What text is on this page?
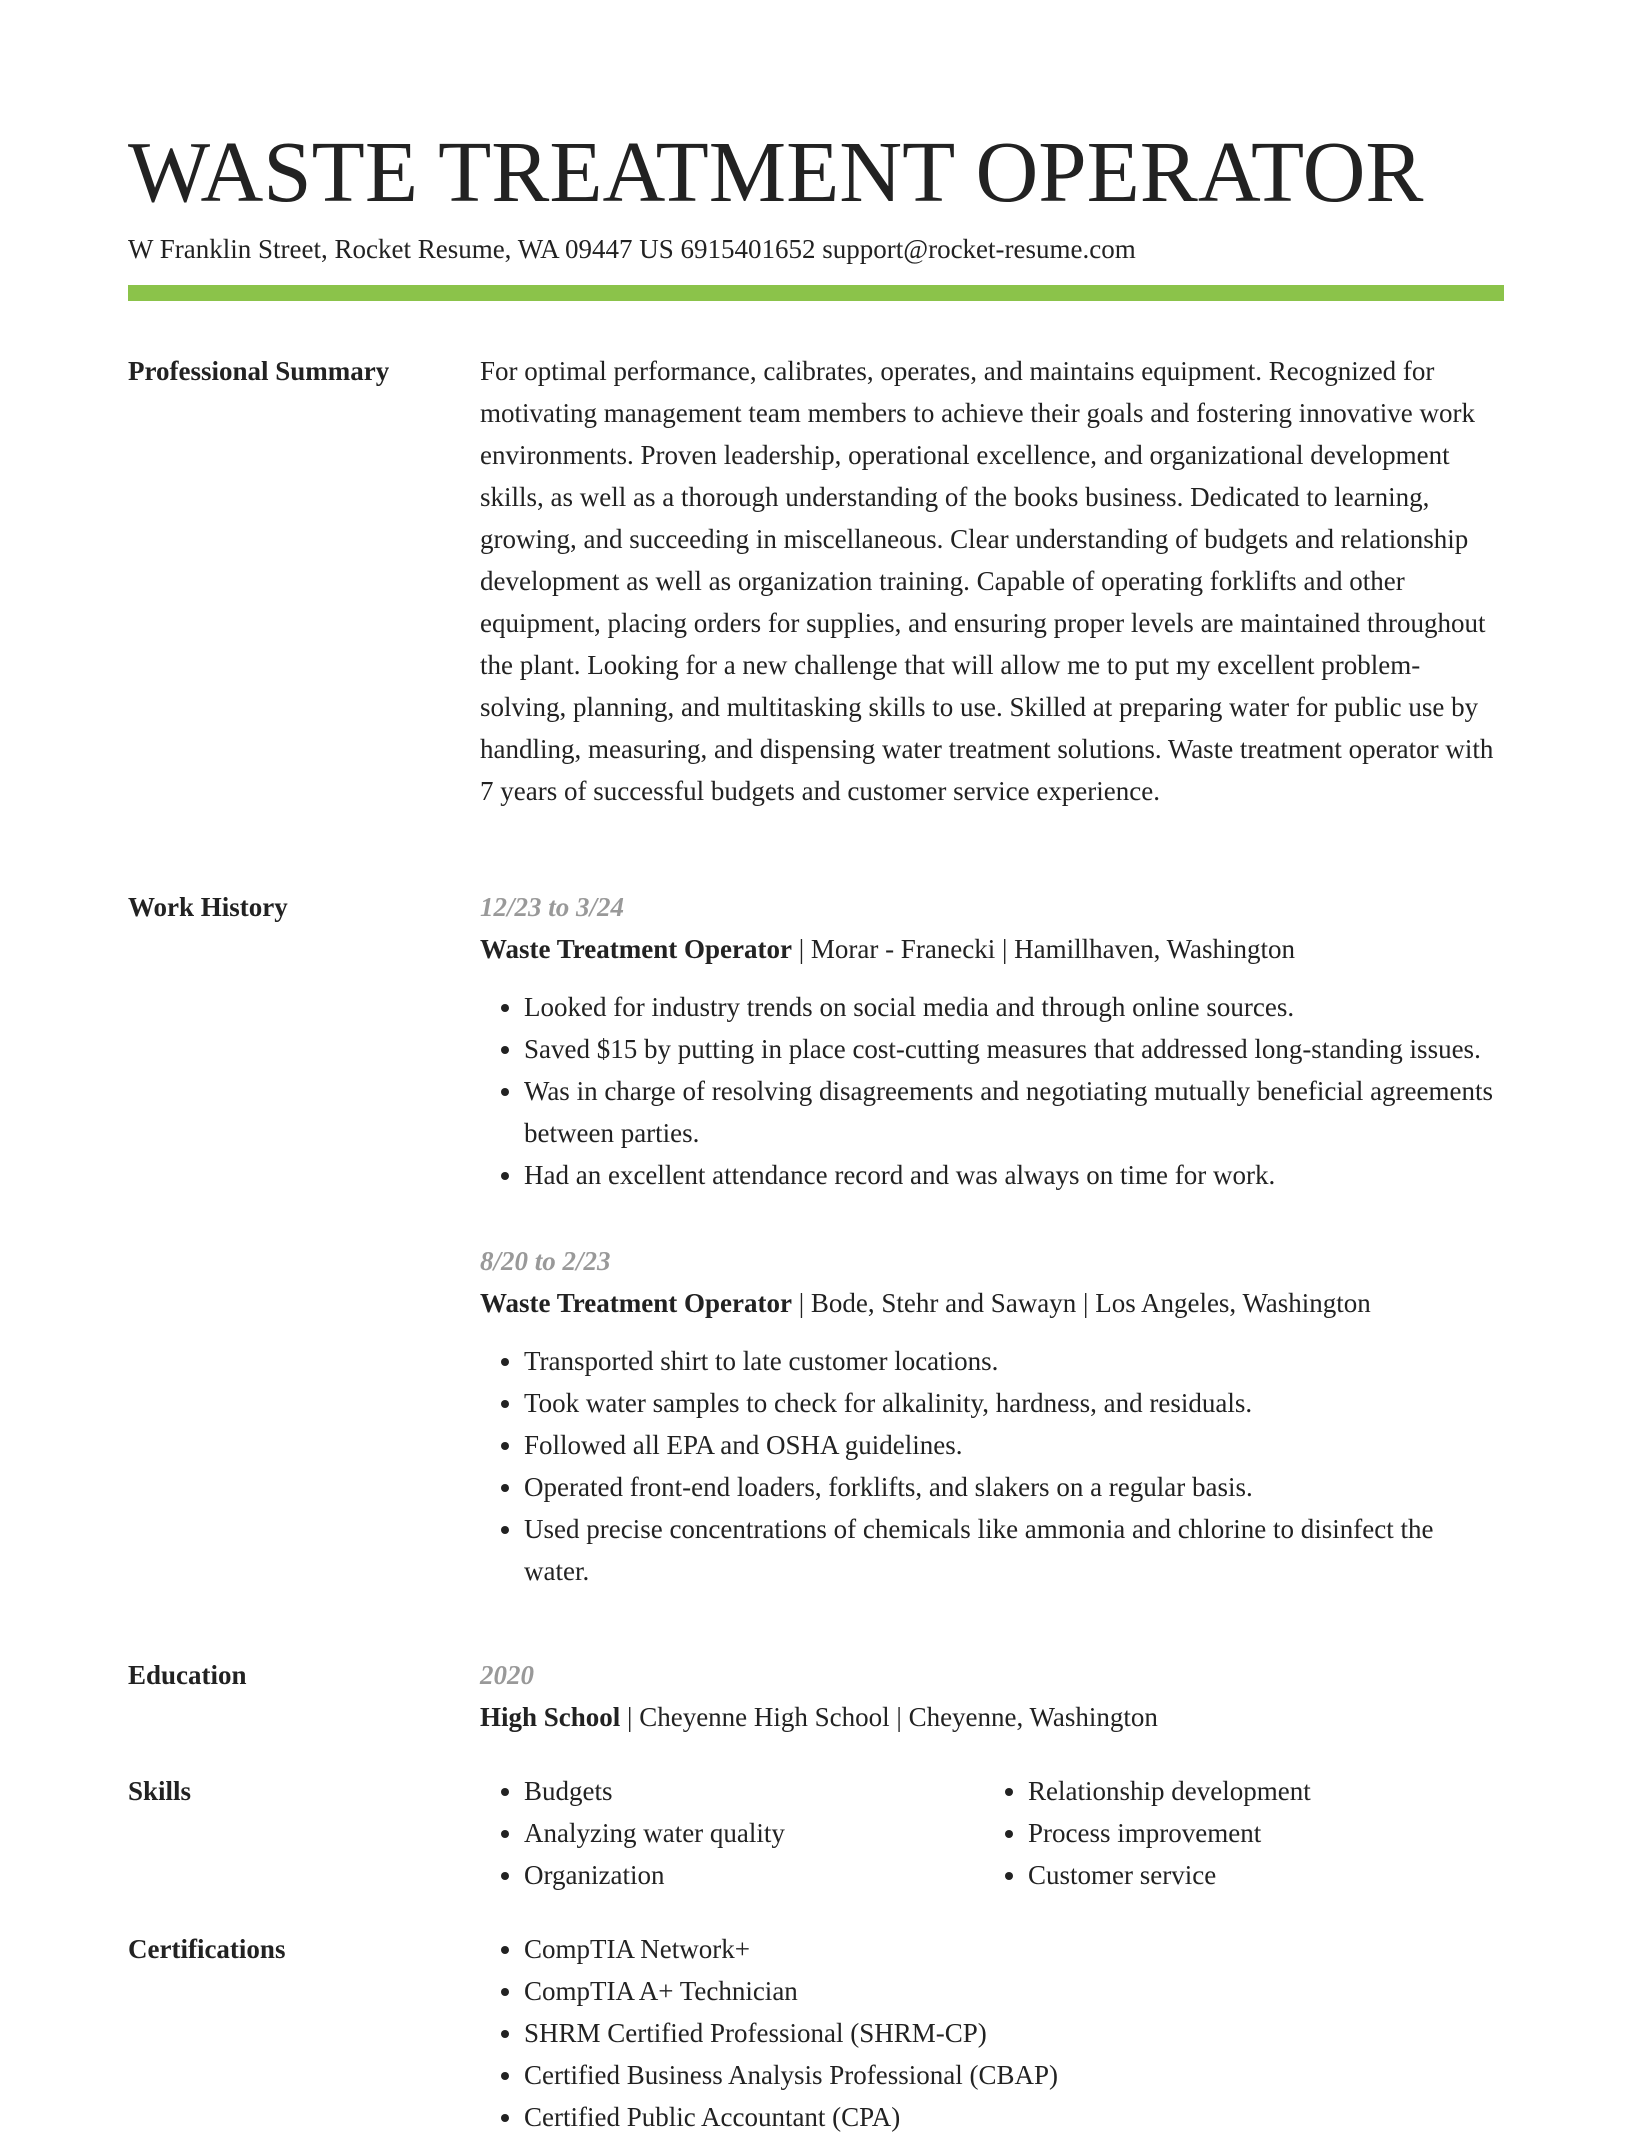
WASTE TREATMENT OPERATOR
W Franklin Street, Rocket Resume, WA 09447 US 6915401652 support@rocket-resume.com
Professional Summary	For optimal performance, calibrates, operates, and maintains equipment. Recognized for motivating management team members to achieve their goals and fostering innovative work environments. Proven leadership, operational excellence, and organizational development skills, as well as a thorough understanding of the books business. Dedicated to learning, growing, and succeeding in miscellaneous. Clear understanding of budgets and relationship development as well as organization training. Capable of operating forklifts and other equipment, placing orders for supplies, and ensuring proper levels are maintained throughout the plant. Looking for a new challenge that will allow me to put my excellent problem-solving, planning, and multitasking skills to use. Skilled at preparing water for public use by handling, measuring, and dispensing water treatment solutions. Waste treatment operator with 7 years of successful budgets and customer service experience.

Work History	12/23 to 3/24
Waste Treatment Operator | Morar - Franecki | Hamillhaven, Washington
• Looked for industry trends on social media and through online sources.
• Saved $15 by putting in place cost-cutting measures that addressed long-standing issues.
• Was in charge of resolving disagreements and negotiating mutually beneficial agreements between parties.
• Had an excellent attendance record and was always on time for work.
8/20 to 2/23
Waste Treatment Operator | Bode, Stehr and Sawayn | Los Angeles, Washington
• Transported shirt to late customer locations.
• Took water samples to check for alkalinity, hardness, and residuals.
• Followed all EPA and OSHA guidelines.
• Operated front-end loaders, forklifts, and slakers on a regular basis.
• Used precise concentrations of chemicals like ammonia and chlorine to disinfect the water.
Education	2020
High School | Cheyenne High School | Cheyenne, Washington
Skills	• Budgets
• Analyzing water quality
• Organization
• Relationship development
• Process improvement
• Customer service
Certifications	• CompTIA Network+
• CompTIA A+ Technician
• SHRM Certified Professional (SHRM-CP)
• Certified Business Analysis Professional (CBAP)
• Certified Public Accountant (CPA)
